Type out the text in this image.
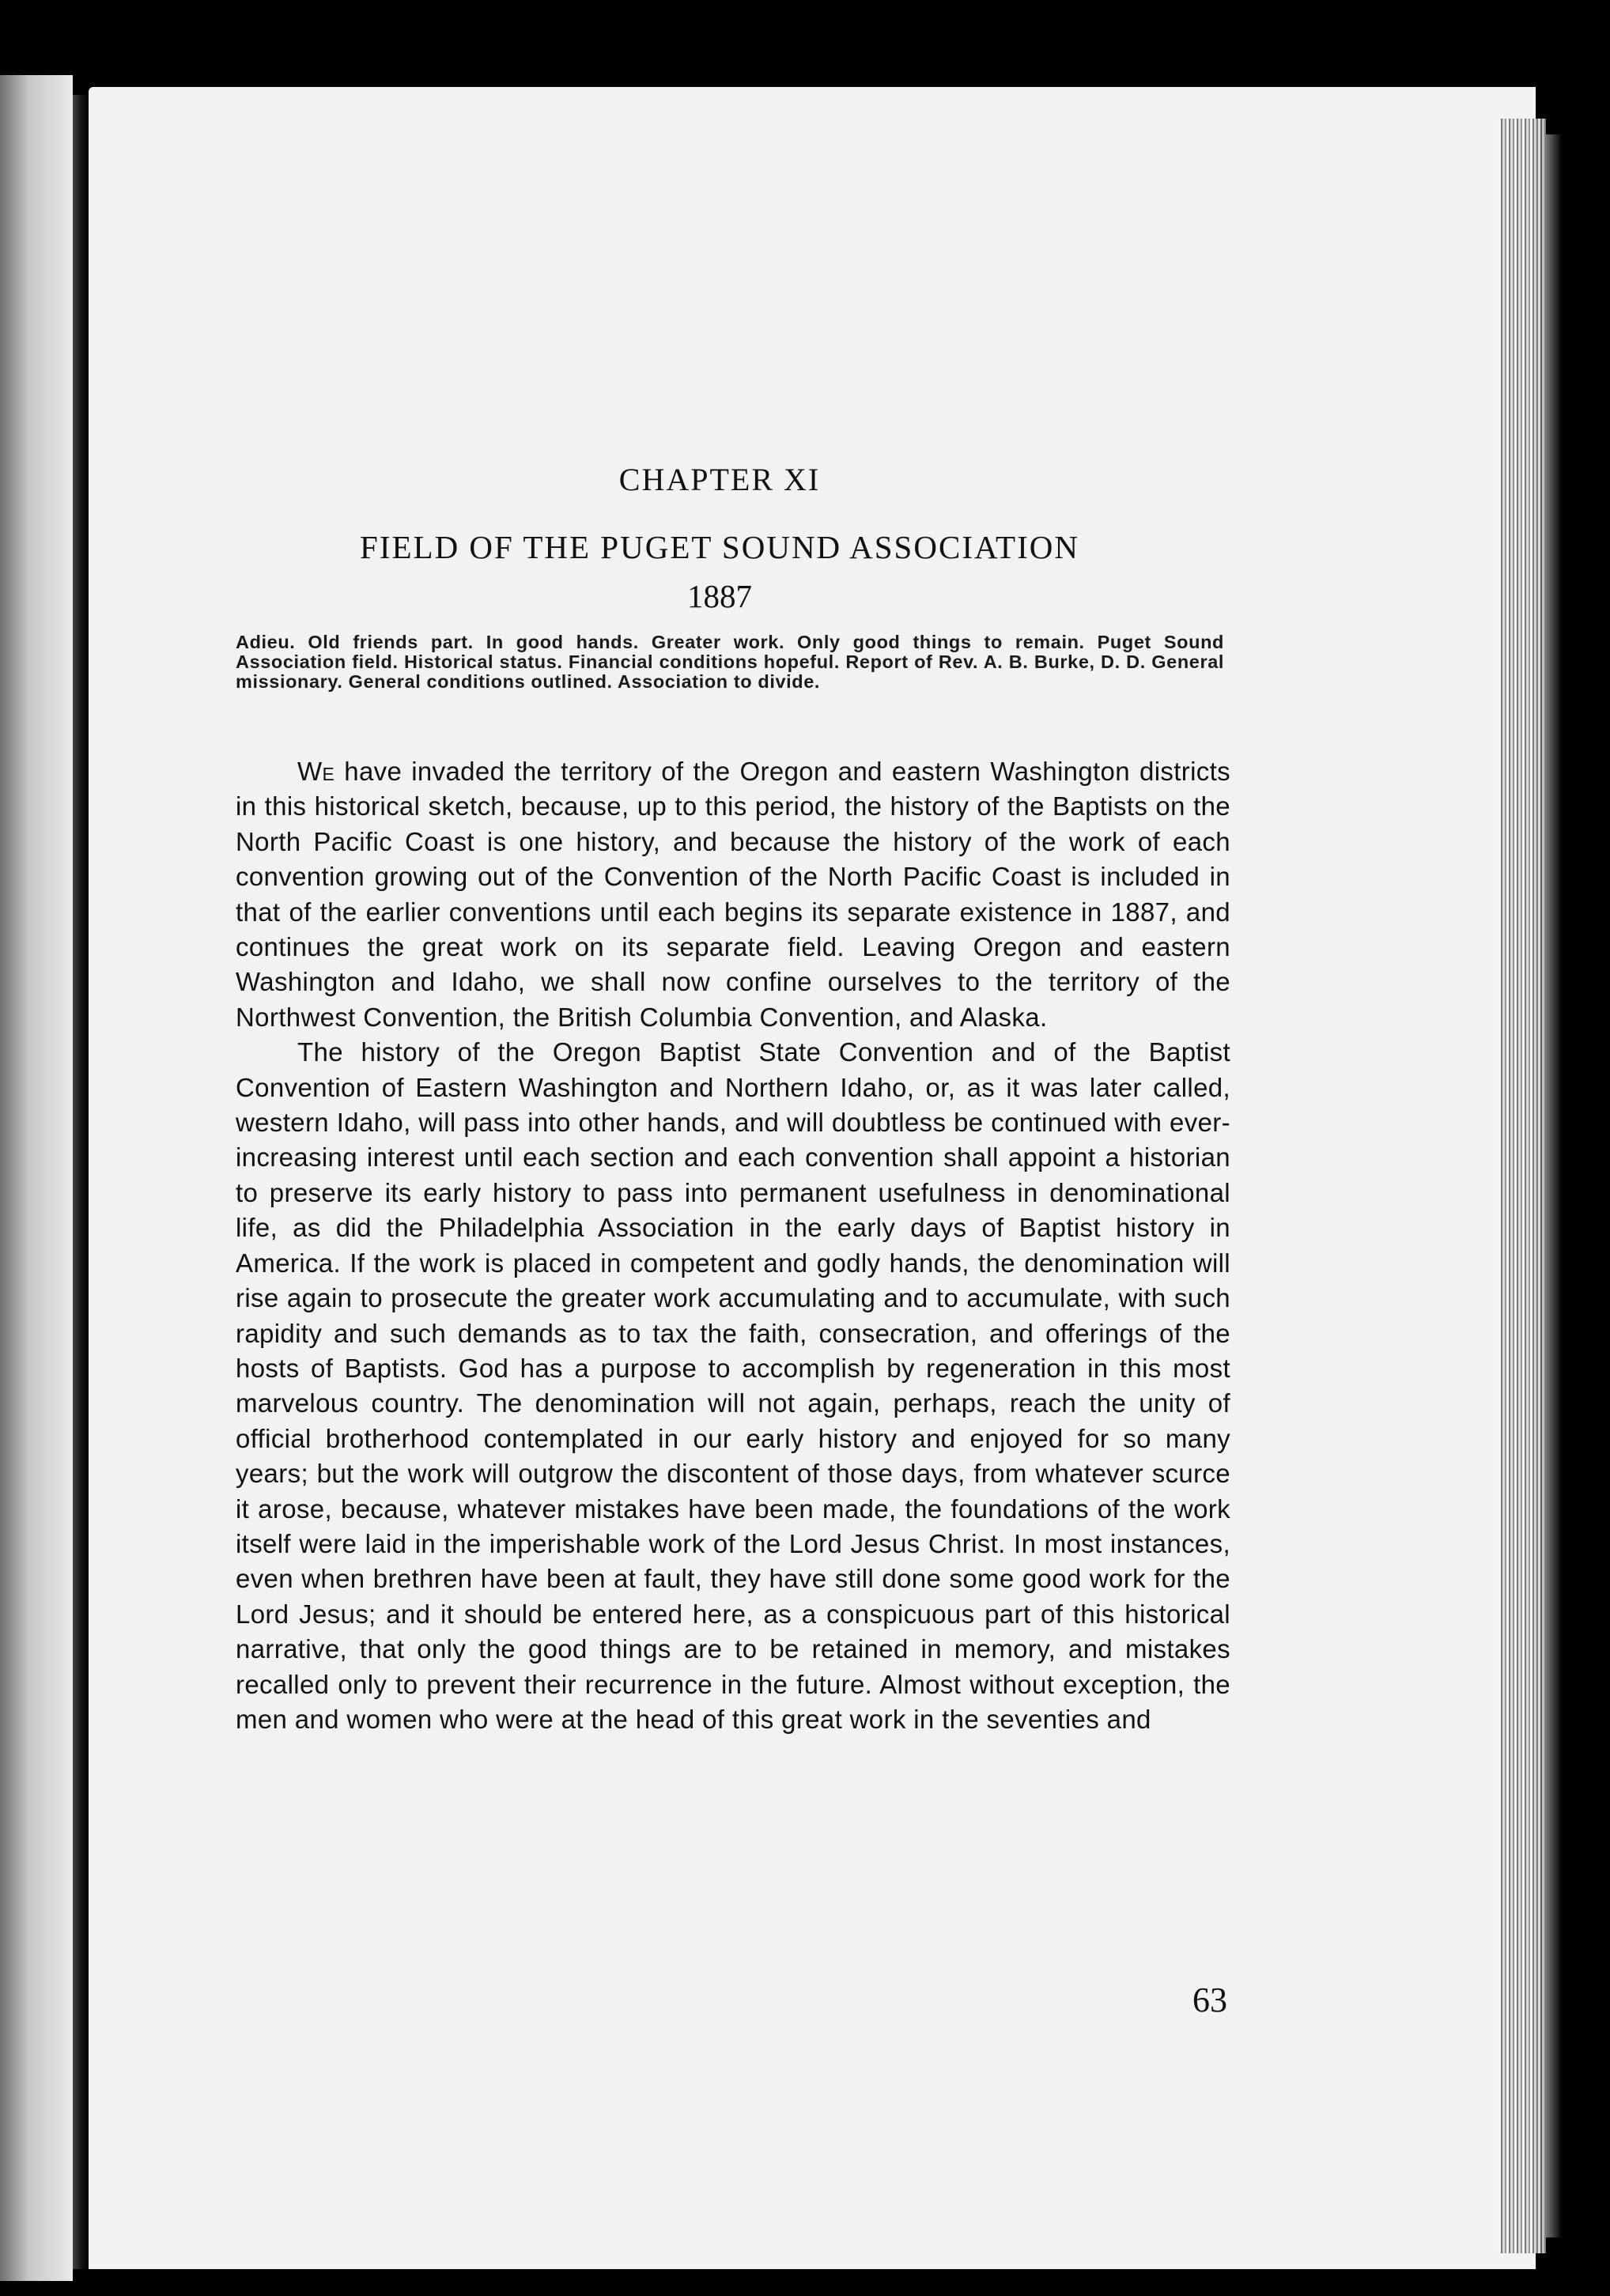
CHAPTER XI
FIELD OF THE PUGET SOUND ASSOCIATION
1887
Adieu. Old friends part. In good hands. Greater work. Only good things to remain. Puget Sound Association field. Historical status. Financial conditions hopeful. Report of Rev. A. B. Burke, D. D. General missionary. General conditions outlined. Association to divide.

We have invaded the territory of the Oregon and eastern Washington districts in this historical sketch, because, up to this period, the history of the Baptists on the North Pacific Coast is one history, and because the history of the work of each convention growing out of the Convention of the North Pacific Coast is included in that of the earlier conventions until each begins its separate existence in 1887, and continues the great work on its separate field. Leaving Oregon and eastern Washington and Idaho, we shall now confine ourselves to the territory of the Northwest Convention, the British Columbia Convention, and Alaska.

The history of the Oregon Baptist State Convention and of the Baptist Convention of Eastern Washington and Northern Idaho, or, as it was later called, western Idaho, will pass into other hands, and will doubtless be continued with ever-increasing interest until each section and each convention shall appoint a historian to preserve its early history to pass into permanent usefulness in denominational life, as did the Philadelphia Association in the early days of Baptist history in America. If the work is placed in competent and godly hands, the denomination will rise again to prosecute the greater work accumulating and to accumulate, with such rapidity and such demands as to tax the faith, consecration, and offerings of the hosts of Baptists. God has a purpose to accomplish by regeneration in this most marvelous country. The denomination will not again, perhaps, reach the unity of official brotherhood contemplated in our early history and enjoyed for so many years; but the work will outgrow the discontent of those days, from whatever scurce it arose, because, whatever mistakes have been made, the foundations of the work itself were laid in the imperishable work of the Lord Jesus Christ. In most instances, even when brethren have been at fault, they have still done some good work for the Lord Jesus; and it should be entered here, as a conspicuous part of this historical narrative, that only the good things are to be retained in memory, and mistakes recalled only to prevent their recurrence in the future. Almost without exception, the men and women who were at the head of this great work in the seventies and

63
